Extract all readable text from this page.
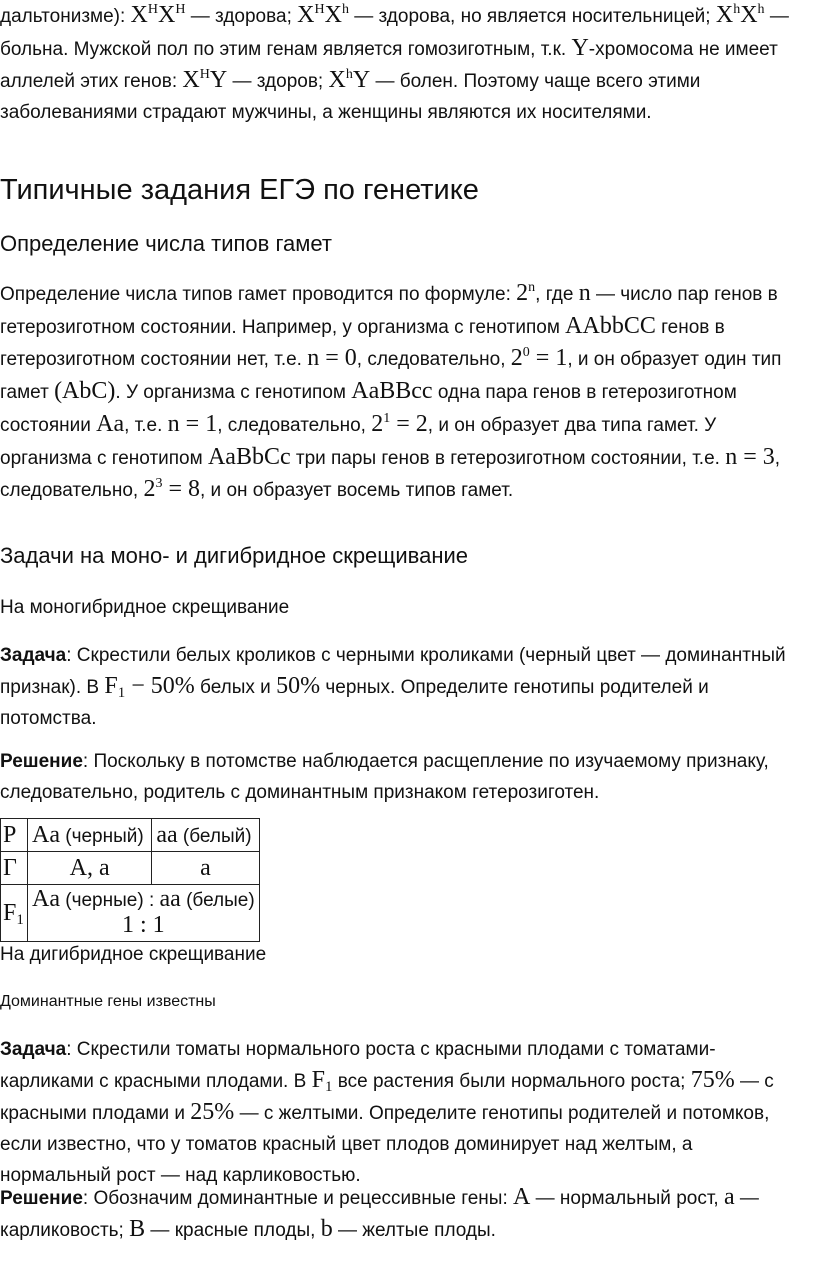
дальтонизме): $X^HX^H$ — здорова; $X^HX^h$ — здорова, но является носительницей; $X^hX^h$ — больна. Мужской пол по этим генам является гомозиготным, т.к. Y-хромосома не имеет аллелей этих генов: $X^HY$ — здоров; $X^hY$ — болен. Поэтому чаще всего этими заболеваниями страдают мужчины, а женщины являются их носителями.

Типичные задания ЕГЭ по генетике
Определение числа типов гамет

Определение числа типов гамет проводится по формуле: 2$^n$, где n — число пар генов в гетерозиготном состоянии. Например, у организма с генотипом AAbbCC генов в гетерозиготном состоянии нет, т.е. n = 0, следовательно, $2^0 = 1$, и он образует один тип гамет (AbC). У организма с генотипом AaBBcc одна пара генов в гетерозиготном состоянии Aa, т.е. n = 1, следовательно, $2^1 = 2$, и он образует два типа гамет. У организма с генотипом AaBbCc три пары генов в гетерозиготном состоянии, т.е. n = 3, следовательно, $2^3 = 8$, и он образует восемь типов гамет.

Задачи на моно- и дигибридное скрещивание
На моногибридное скрещивание

Задача: Скрестили белых кроликов с черными кроликами (черный цвет — доминантный признак). В $F_1 - 50\%$ белых и 50% черных. Определите генотипы родителей и потомства.

Решение: Поскольку в потомстве наблюдается расщепление по изучаемому признаку, следовательно, родитель с доминантным признаком гетерозиготен.

P	Aa (черный)	aa (белый)
Г	A, a	a
$F_1$	Aa (черные) : aa (белые)
1 : 1	
На дигибридное скрещивание
Доминантные гены известны

Задача: Скрестили томаты нормального роста с красными плодами с томатами-карликами с красными плодами. В $F_1$ все растения были нормального роста; 75% — с красными плодами и 25% — с желтыми. Определите генотипы родителей и потомков, если известно, что у томатов красный цвет плодов доминирует над желтым, а нормальный рост — над карликовостью.

Решение: Обозначим доминантные и рецессивные гены: A — нормальный рост, a — карликовость; B — красные плоды, b — желтые плоды.
